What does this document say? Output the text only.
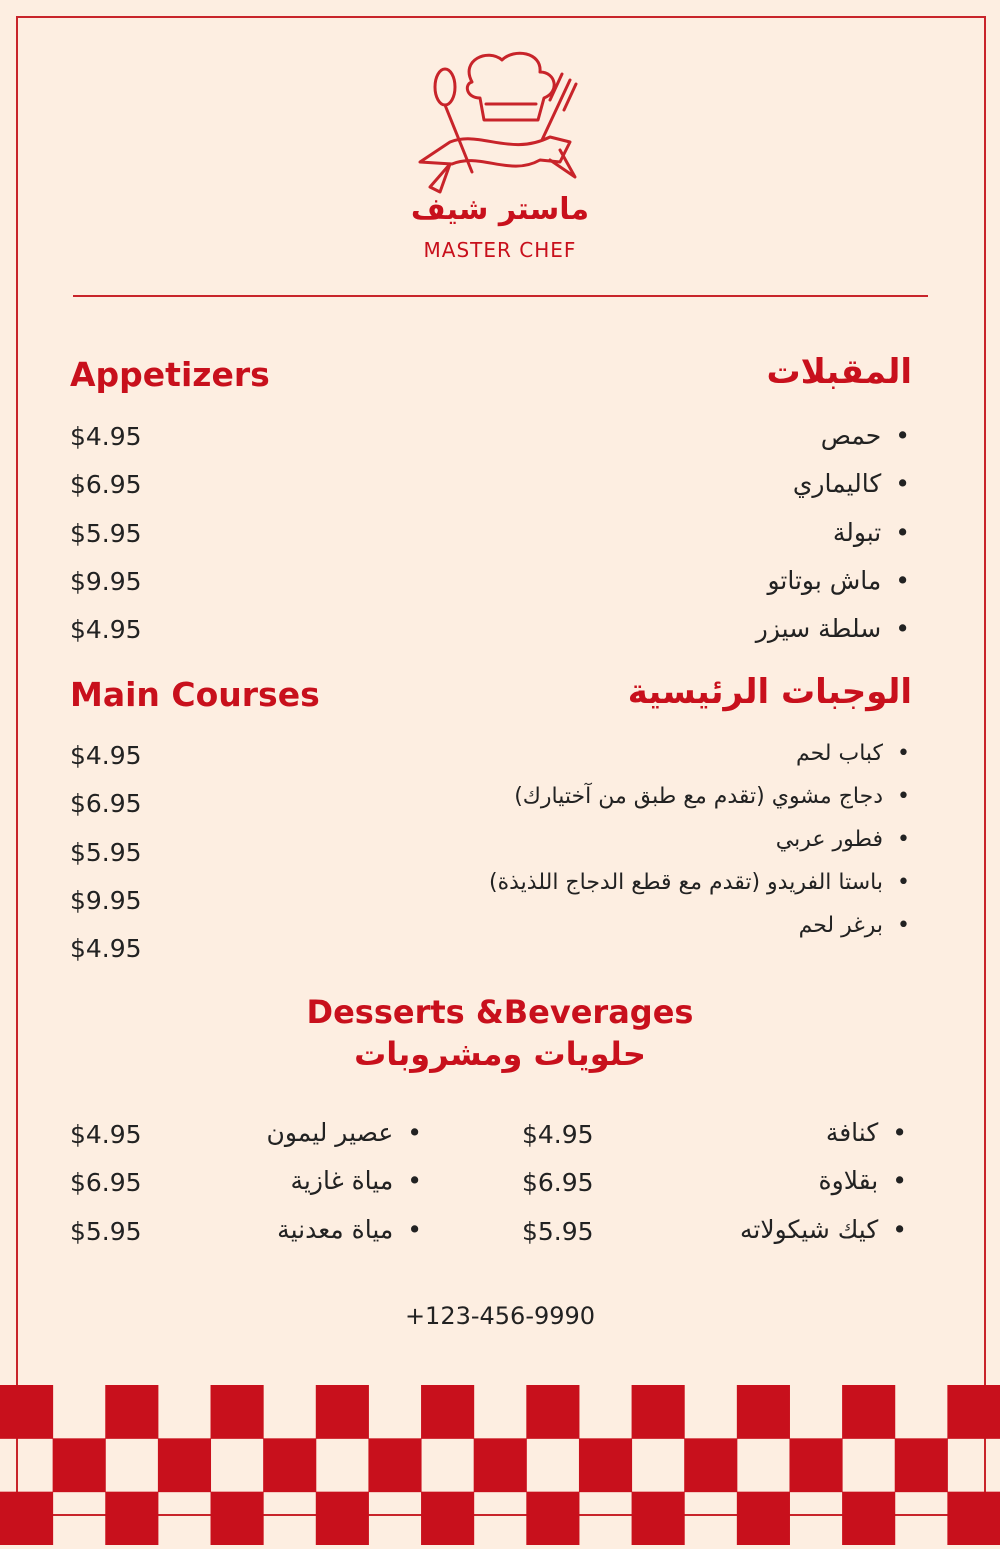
ماستر شيف
MASTER CHEF
Appetizers	المقبلات
• حمص
• كاليماري
• تبولة
• ماش بوتاتو
• سلطة سيزر
$4.95
$6.95
$5.95
$9.95
$4.95
Main Courses	الوجبات الرئيسية
• كباب لحم
• دجاج مشوي (تقدم مع طبق من آختيارك)
• فطور عربي
• باستا الفريدو (تقدم مع قطع الدجاج اللذيذة)
• برغر لحم
$4.95
$6.95
$5.95
$9.95
$4.95
Desserts &Beverages
حلويات ومشروبات
• كنافة
• بقلاوة
• كيك شيكولاته
$4.95
$6.95
$5.95
• عصير ليمون
• مياة غازية
• مياة معدنية
$4.95
$6.95
$5.95
+123-456-9990
